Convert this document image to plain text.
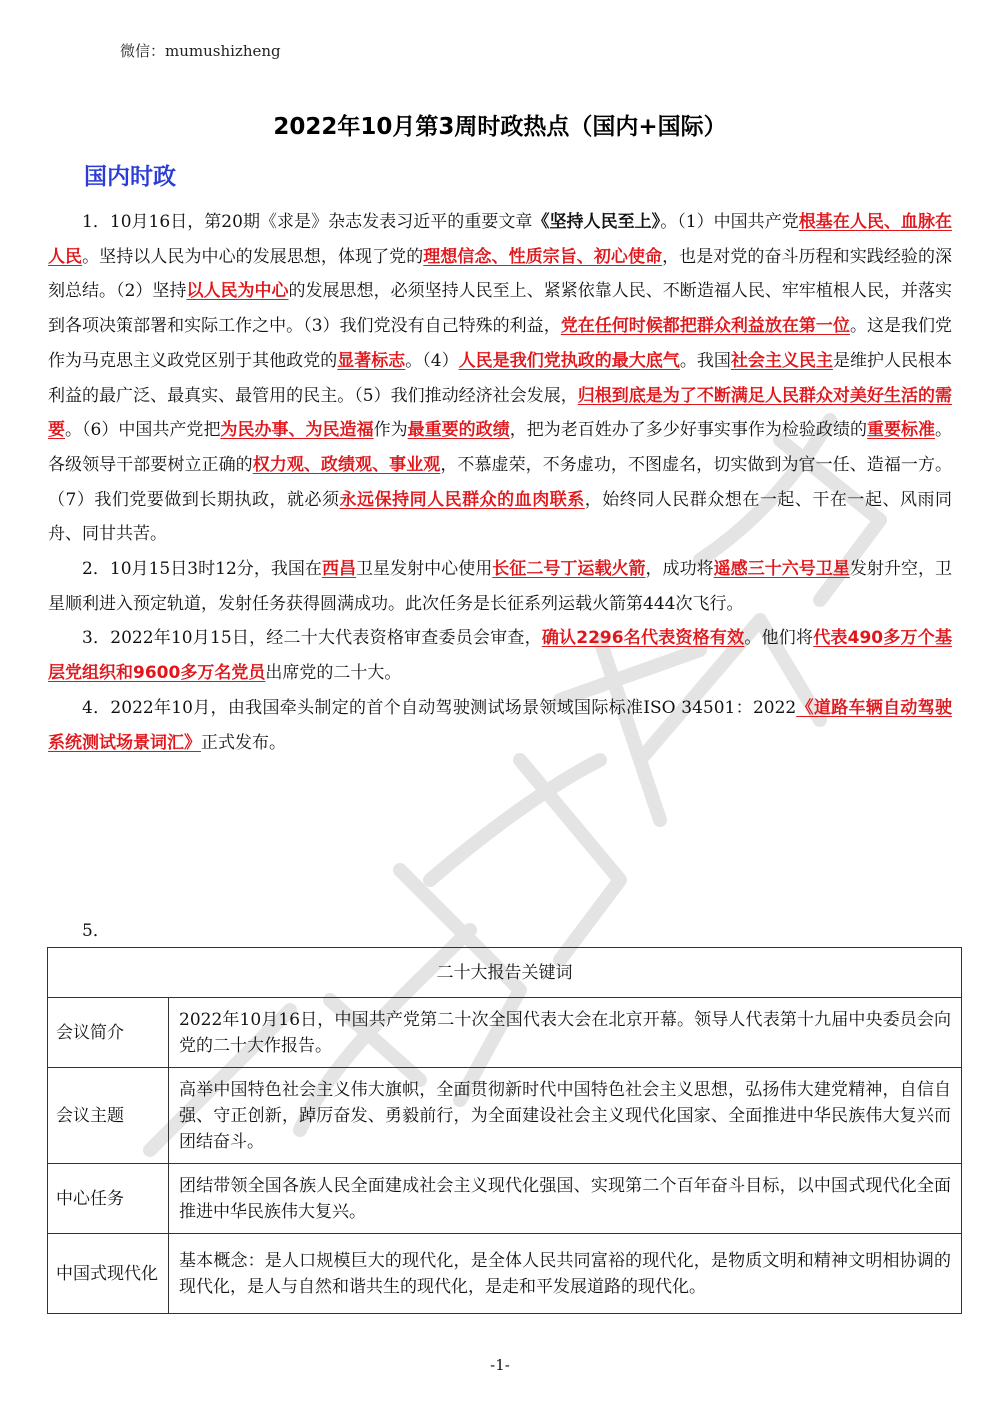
微信：mumushizheng
2022年10月第3周时政热点（国内+国际）
国内时政

1．10月16日，第20期《求是》杂志发表习近平的重要文章《坚持人民至上》。（1）中国共产党根基在人民、血脉在人民。坚持以人民为中心的发展思想，体现了党的理想信念、性质宗旨、初心使命，也是对党的奋斗历程和实践经验的深刻总结。（2）坚持以人民为中心的发展思想，必须坚持人民至上、紧紧依靠人民、不断造福人民、牢牢植根人民，并落实到各项决策部署和实际工作之中。（3）我们党没有自己特殊的利益，党在任何时候都把群众利益放在第一位。这是我们党作为马克思主义政党区别于其他政党的显著标志。（4）人民是我们党执政的最大底气。我国社会主义民主是维护人民根本利益的最广泛、最真实、最管用的民主。（5）我们推动经济社会发展，归根到底是为了不断满足人民群众对美好生活的需要。（6）中国共产党把为民办事、为民造福作为最重要的政绩，把为老百姓办了多少好事实事作为检验政绩的重要标准。各级领导干部要树立正确的权力观、政绩观、事业观，不慕虚荣，不务虚功，不图虚名，切实做到为官一任、造福一方。（7）我们党要做到长期执政，就必须永远保持同人民群众的血肉联系，始终同人民群众想在一起、干在一起、风雨同舟、同甘共苦。

2．10月15日3时12分，我国在西昌卫星发射中心使用长征二号丁运载火箭，成功将遥感三十六号卫星发射升空，卫星顺利进入预定轨道，发射任务获得圆满成功。此次任务是长征系列运载火箭第444次飞行。

3．2022年10月15日，经二十大代表资格审查委员会审查，确认2296名代表资格有效。他们将代表490多万个基层党组织和9600多万名党员出席党的二十大。

4．2022年10月，由我国牵头制定的首个自动驾驶测试场景领域国际标准ISO 34501：2022《道路车辆自动驾驶系统测试场景词汇》正式发布。

5．
二十大报告关键词	
会议简介	2022年10月16日，中国共产党第二十次全国代表大会在北京开幕。领导人代表第十九届中央委员会向党的二十大作报告。
会议主题	高举中国特色社会主义伟大旗帜，全面贯彻新时代中国特色社会主义思想，弘扬伟大建党精神，自信自强、守正创新，踔厉奋发、勇毅前行，为全面建设社会主义现代化国家、全面推进中华民族伟大复兴而团结奋斗。
中心任务	团结带领全国各族人民全面建成社会主义现代化强国、实现第二个百年奋斗目标，以中国式现代化全面推进中华民族伟大复兴。
中国式现代化	基本概念：是人口规模巨大的现代化，是全体人民共同富裕的现代化，是物质文明和精神文明相协调的现代化，是人与自然和谐共生的现代化，是走和平发展道路的现代化。
-1-
